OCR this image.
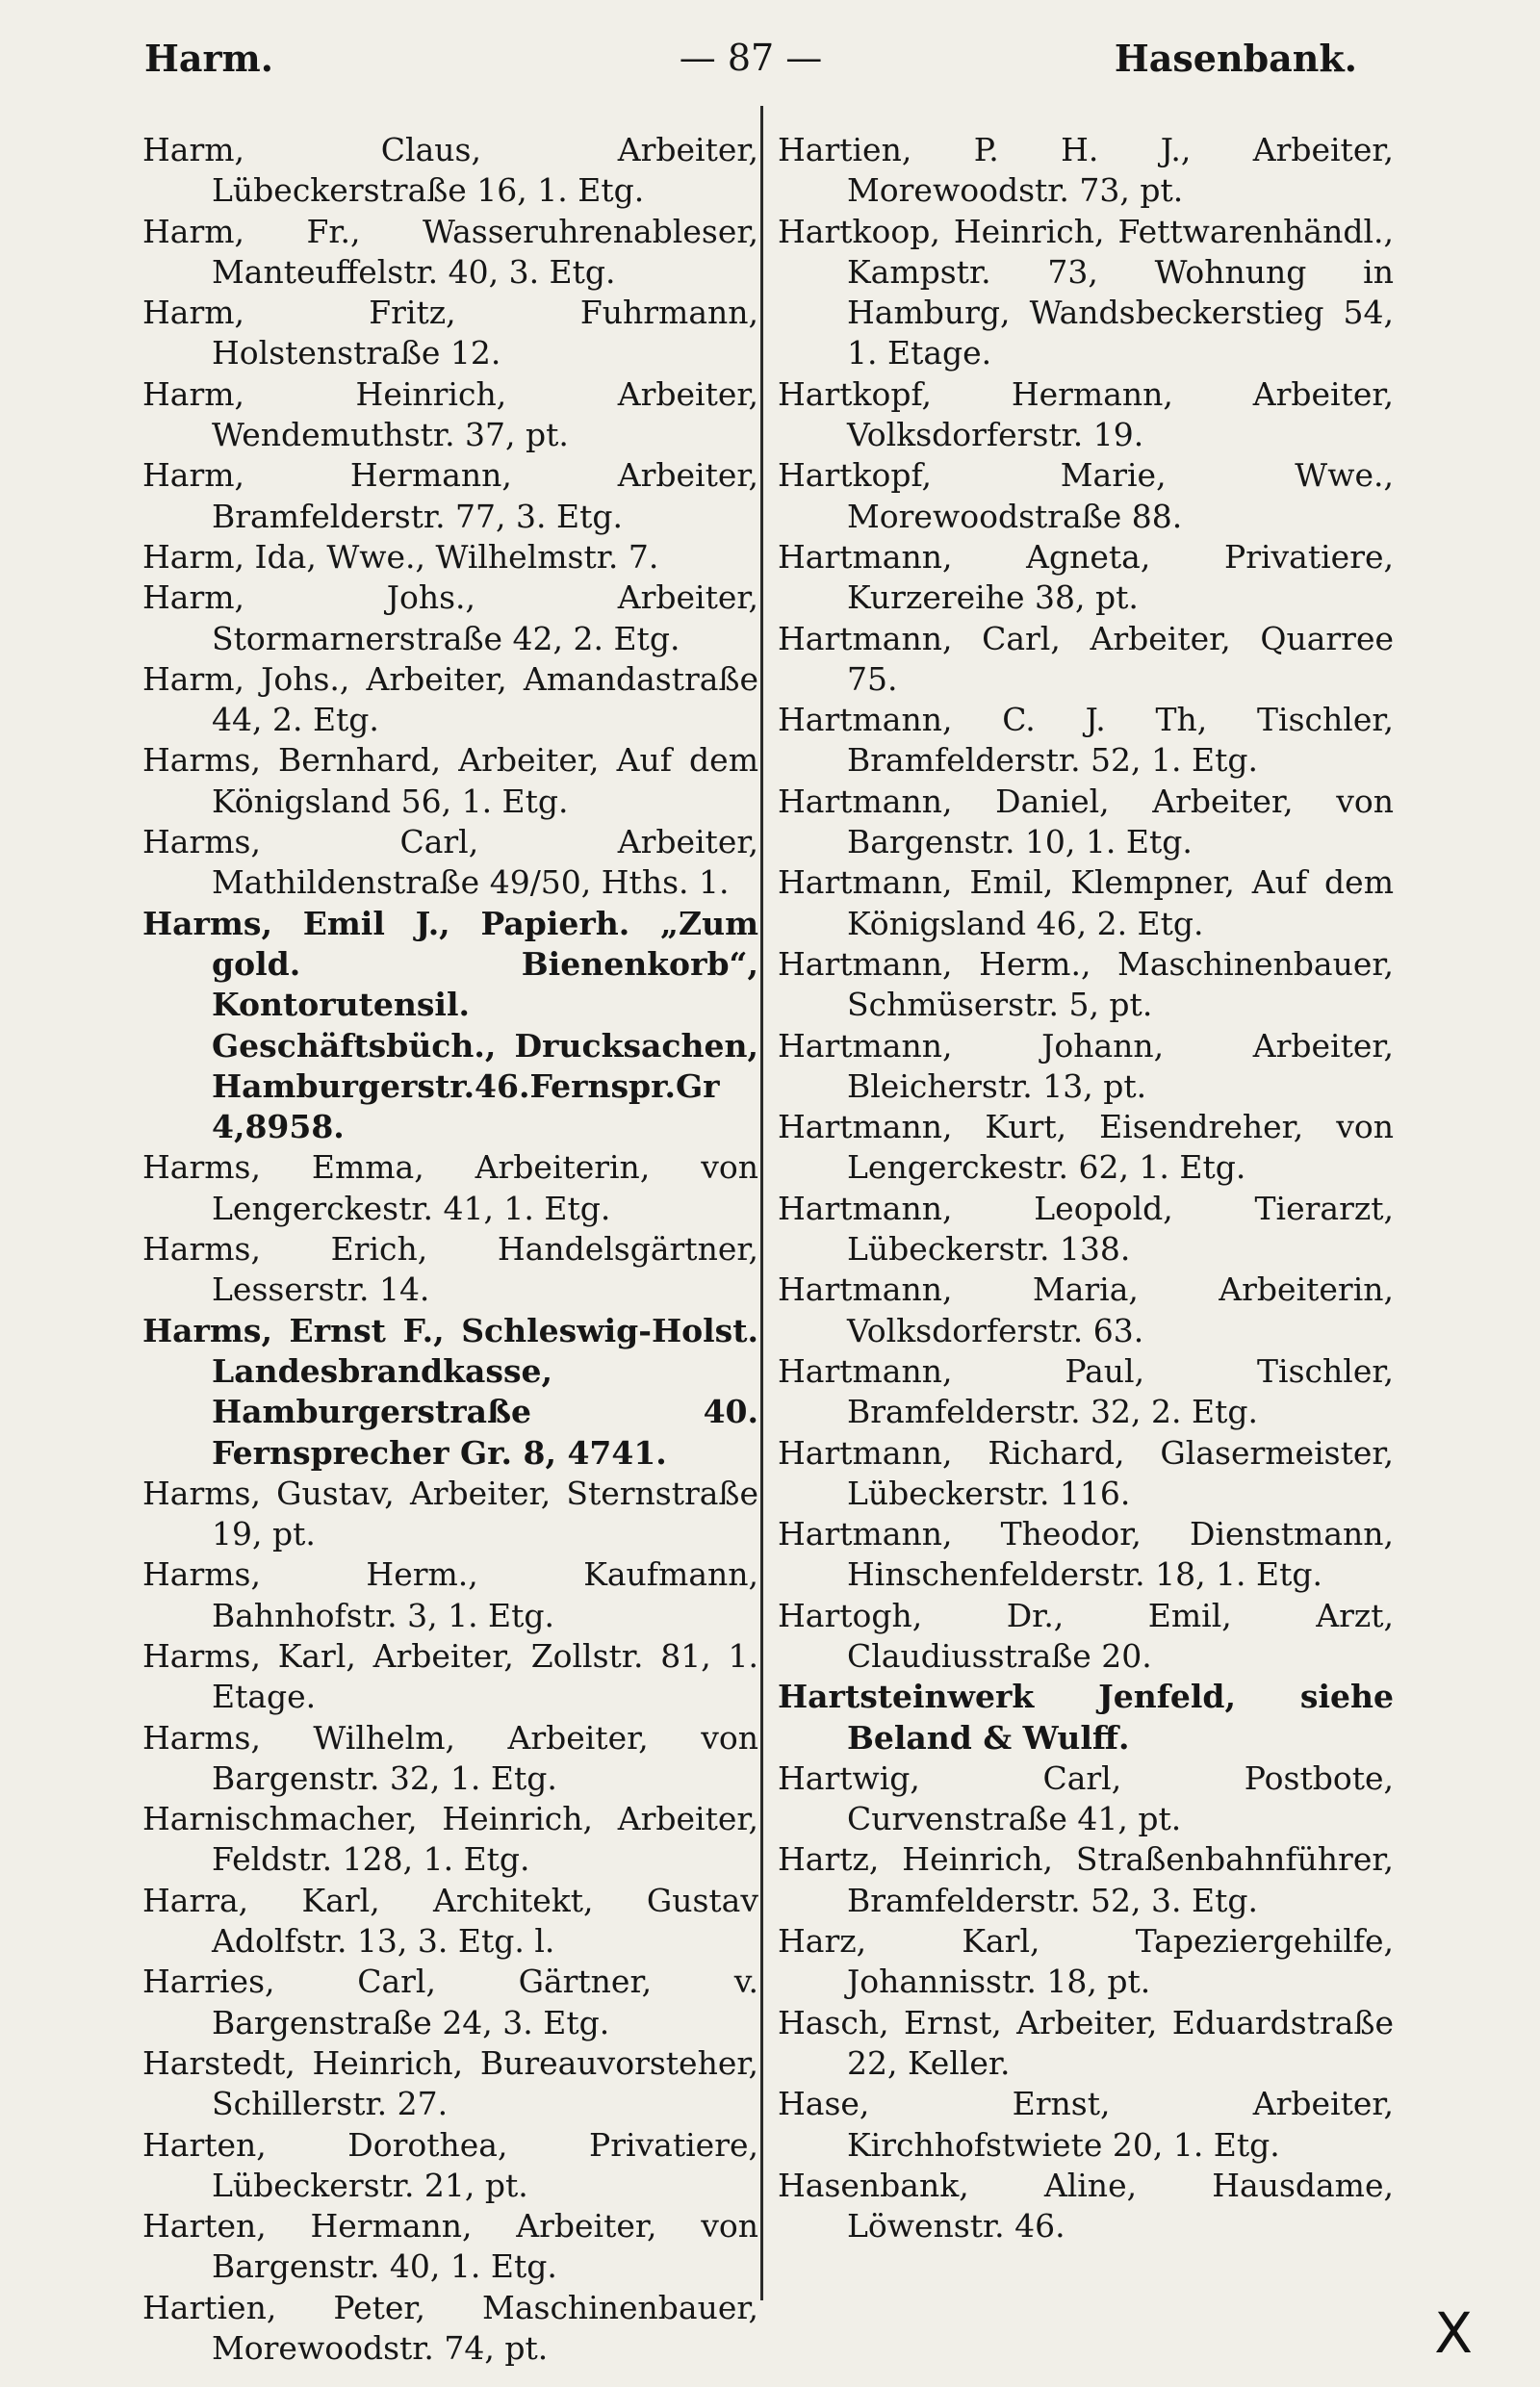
Harm.	— 87 —	Hasenbank.

Harm, Claus, Arbeiter, Lübeckerstraße 16, 1. Etg.

Harm, Fr., Wasseruhrenableser, Manteuffelstr. 40, 3. Etg.

Harm, Fritz, Fuhrmann, Holstenstraße 12.

Harm, Heinrich, Arbeiter, Wendemuthstr. 37, pt.

Harm, Hermann, Arbeiter, Bramfelderstr. 77, 3. Etg.

Harm, Ida, Wwe., Wilhelmstr. 7.

Harm, Johs., Arbeiter, Stormarnerstraße 42, 2. Etg.

Harm, Johs., Arbeiter, Amandastraße 44, 2. Etg.

Harms, Bernhard, Arbeiter, Auf dem Königsland 56, 1. Etg.

Harms, Carl, Arbeiter, Mathildenstraße 49/50, Hths. 1.

Harms, Emil J., Papierh. „Zum gold. Bienenkorb“, Kontorutensil. Geschäftsbüch., Drucksachen, Hamburgerstr.46.Fernspr.Gr 4,8958.

Harms, Emma, Arbeiterin, von Lengerckestr. 41, 1. Etg.

Harms, Erich, Handelsgärtner, Lesserstr. 14.

Harms, Ernst F., Schleswig-Holst. Landesbrandkasse, Hamburgerstraße 40. Fernsprecher Gr. 8, 4741.

Harms, Gustav, Arbeiter, Sternstraße 19, pt.

Harms, Herm., Kaufmann, Bahnhofstr. 3, 1. Etg.

Harms, Karl, Arbeiter, Zollstr. 81, 1. Etage.

Harms, Wilhelm, Arbeiter, von Bargenstr. 32, 1. Etg.

Harnischmacher, Heinrich, Arbeiter, Feldstr. 128, 1. Etg.

Harra, Karl, Architekt, Gustav Adolfstr. 13, 3. Etg. l.

Harries, Carl, Gärtner, v. Bargenstraße 24, 3. Etg.

Harstedt, Heinrich, Bureauvorsteher, Schillerstr. 27.

Harten, Dorothea, Privatiere, Lübeckerstr. 21, pt.

Harten, Hermann, Arbeiter, von Bargenstr. 40, 1. Etg.

Hartien, Peter, Maschinenbauer, Morewoodstr. 74, pt.

Hartien, P. H. J., Arbeiter, Morewoodstr. 73, pt.

Hartkoop, Heinrich, Fettwarenhändl., Kampstr. 73, Wohnung in Hamburg, Wandsbeckerstieg 54, 1. Etage.

Hartkopf, Hermann, Arbeiter, Volksdorferstr. 19.

Hartkopf, Marie, Wwe., Morewoodstraße 88.

Hartmann, Agneta, Privatiere, Kurzereihe 38, pt.

Hartmann, Carl, Arbeiter, Quarree 75.

Hartmann, C. J. Th, Tischler, Bramfelderstr. 52, 1. Etg.

Hartmann, Daniel, Arbeiter, von Bargenstr. 10, 1. Etg.

Hartmann, Emil, Klempner, Auf dem Königsland 46, 2. Etg.

Hartmann, Herm., Maschinenbauer, Schmüserstr. 5, pt.

Hartmann, Johann, Arbeiter, Bleicherstr. 13, pt.

Hartmann, Kurt, Eisendreher, von Lengerckestr. 62, 1. Etg.

Hartmann, Leopold, Tierarzt, Lübeckerstr. 138.

Hartmann, Maria, Arbeiterin, Volksdorferstr. 63.

Hartmann, Paul, Tischler, Bramfelderstr. 32, 2. Etg.

Hartmann, Richard, Glasermeister, Lübeckerstr. 116.

Hartmann, Theodor, Dienstmann, Hinschenfelderstr. 18, 1. Etg.

Hartogh, Dr., Emil, Arzt, Claudiusstraße 20.

Hartsteinwerk Jenfeld, siehe Beland & Wulff.

Hartwig, Carl, Postbote, Curvenstraße 41, pt.

Hartz, Heinrich, Straßenbahnführer, Bramfelderstr. 52, 3. Etg.

Harz, Karl, Tapeziergehilfe, Johannisstr. 18, pt.

Hasch, Ernst, Arbeiter, Eduardstraße 22, Keller.

Hase, Ernst, Arbeiter, Kirchhofstwiete 20, 1. Etg.

Hasenbank, Aline, Hausdame, Löwenstr. 46.

X
